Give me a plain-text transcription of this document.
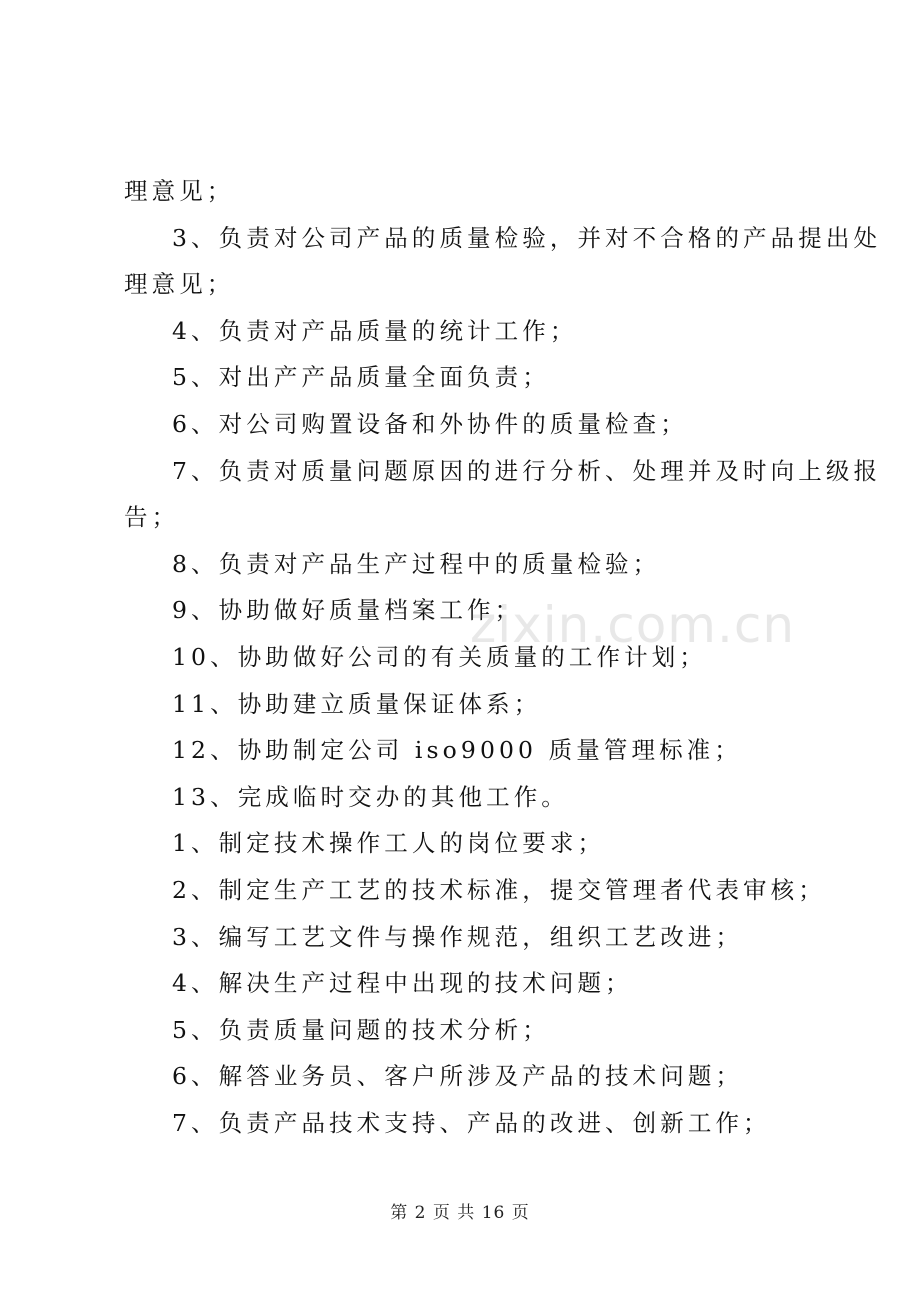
理意见；
3、负责对公司产品的质量检验，并对不合格的产品提出处
理意见；
4、负责对产品质量的统计工作；
5、对出产产品质量全面负责；
6、对公司购置设备和外协件的质量检查；
7、负责对质量问题原因的进行分析、处理并及时向上级报
告；
8、负责对产品生产过程中的质量检验；
9、协助做好质量档案工作；
10、协助做好公司的有关质量的工作计划；
11、协助建立质量保证体系；
12、协助制定公司 iso9000 质量管理标准；
13、完成临时交办的其他工作。
1、制定技术操作工人的岗位要求；
2、制定生产工艺的技术标准，提交管理者代表审核；
3、编写工艺文件与操作规范，组织工艺改进；
4、解决生产过程中出现的技术问题；
5、负责质量问题的技术分析；
6、解答业务员、客户所涉及产品的技术问题；
7、负责产品技术支持、产品的改进、创新工作；
zixin.com.cn
第 2 页 共 16 页
